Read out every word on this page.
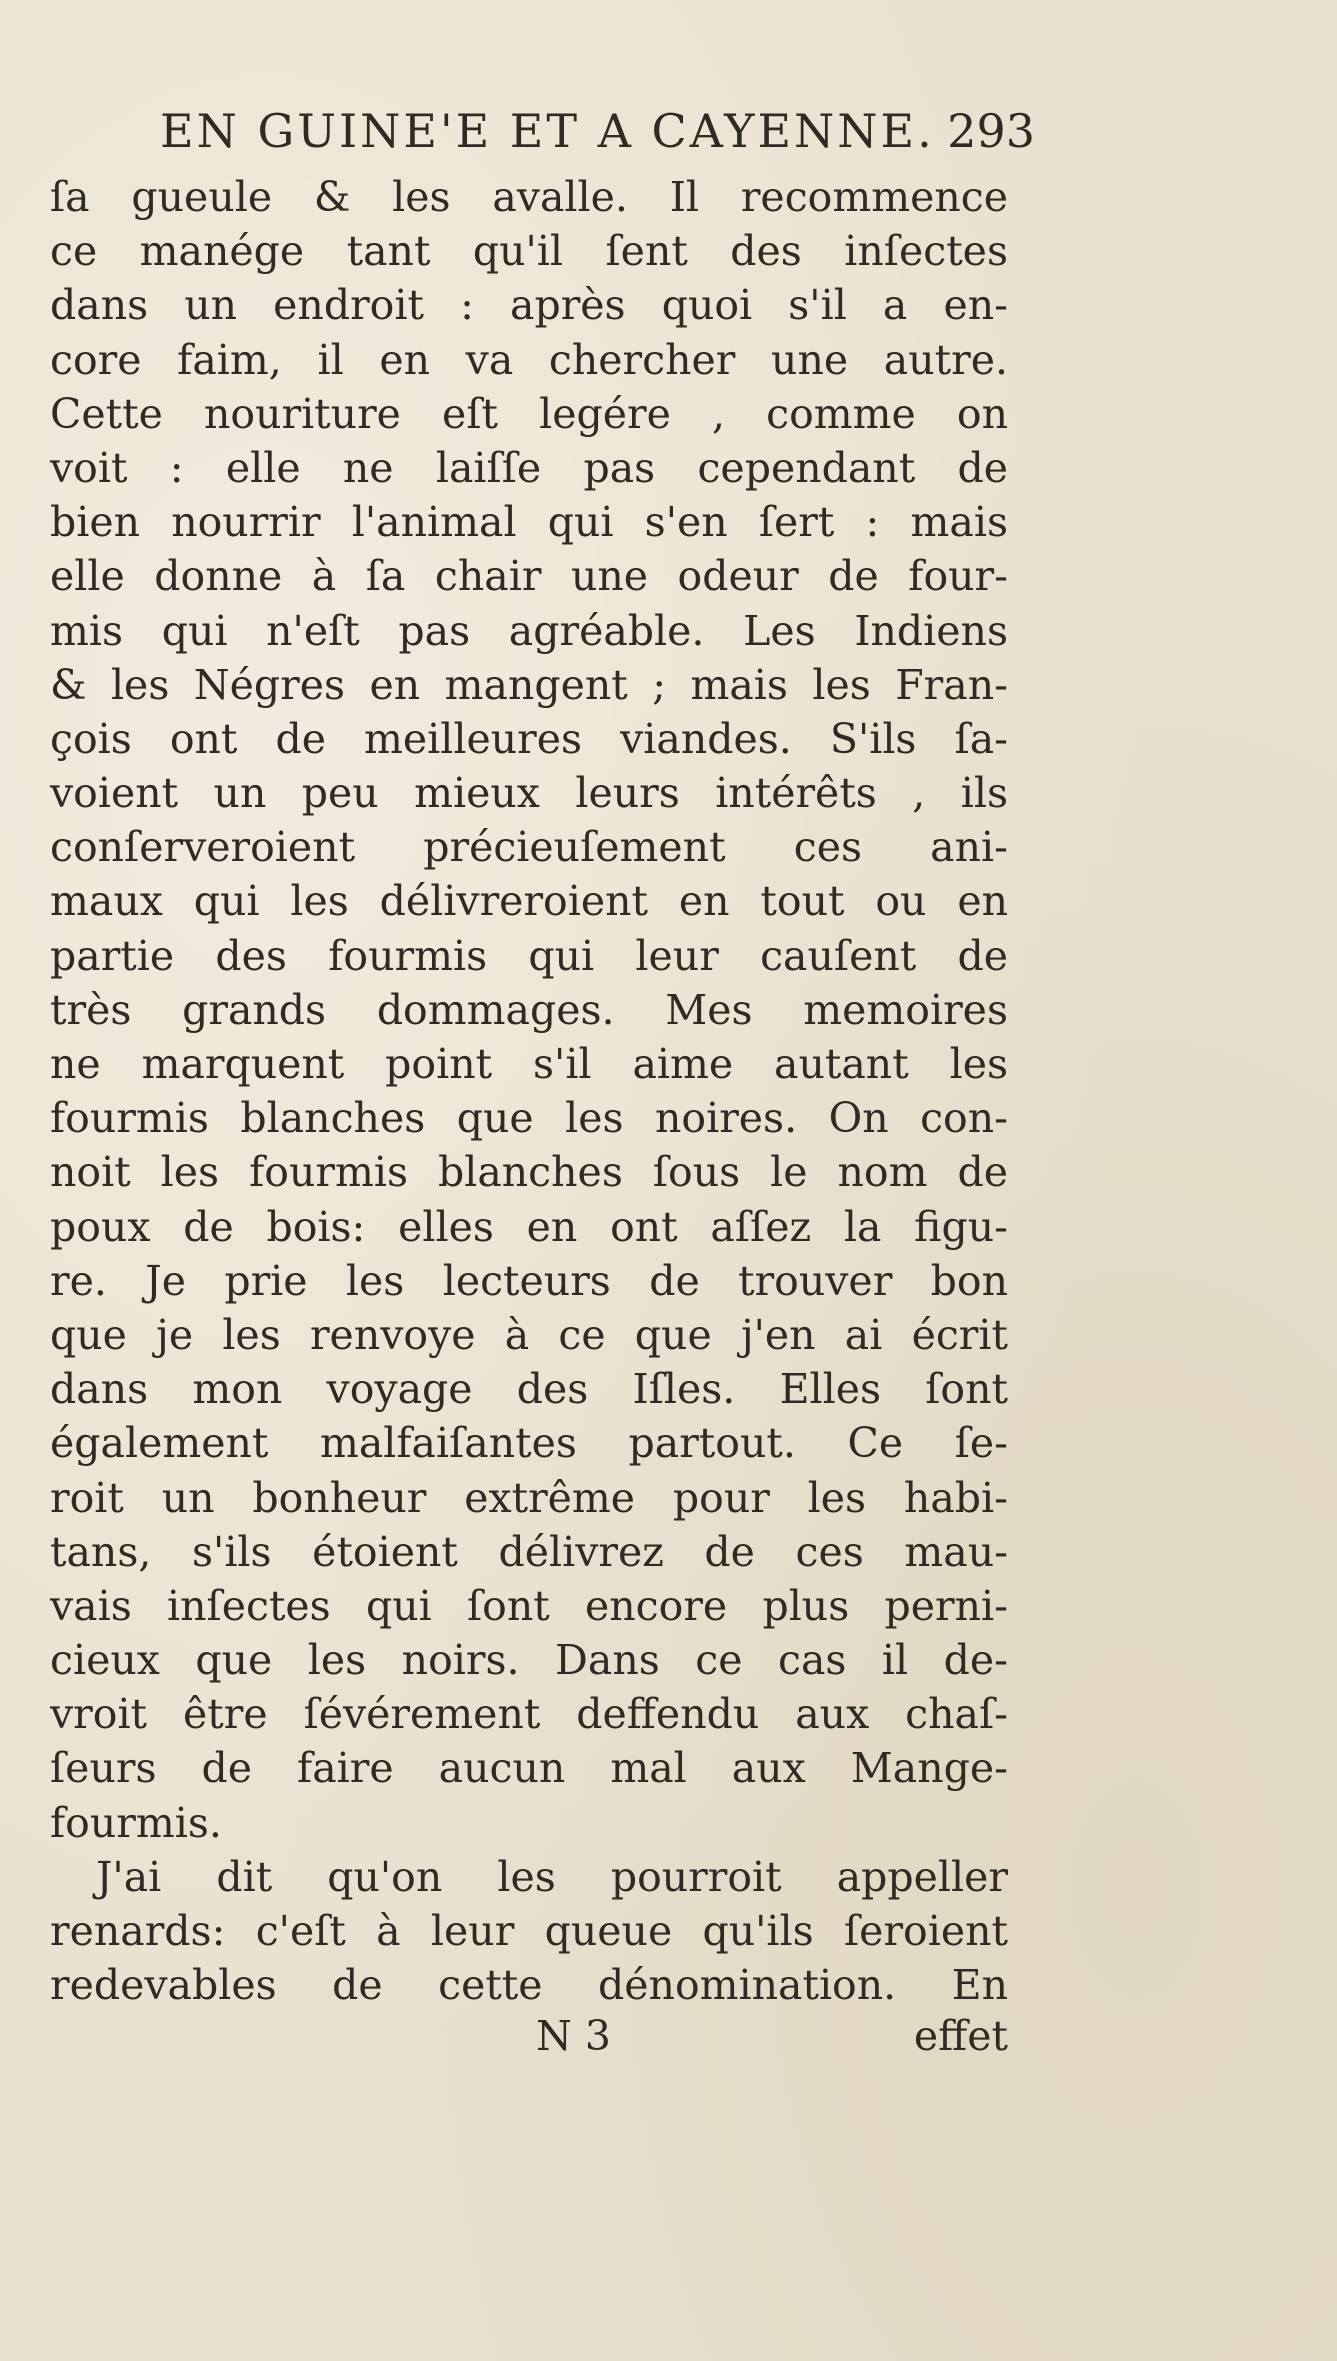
EN GUINE'E ET A CAYENNE. 293
ſa gueule & les avalle. Il recommence
ce manége tant qu'il ſent des inſectes
dans un endroit : après quoi s'il a en-
core faim, il en va chercher une autre.
Cette nouriture eſt legére , comme on
voit : elle ne laiſſe pas cependant de
bien nourrir l'animal qui s'en ſert : mais
elle donne à ſa chair une odeur de four-
mis qui n'eſt pas agréable. Les Indiens
& les Négres en mangent ; mais les Fran-
çois ont de meilleures viandes. S'ils ſa-
voient un peu mieux leurs intérêts , ils
conſerveroient précieuſement ces ani-
maux qui les délivreroient en tout ou en
partie des fourmis qui leur cauſent de
très grands dommages. Mes memoires
ne marquent point s'il aime autant les
fourmis blanches que les noires. On con-
noit les fourmis blanches ſous le nom de
poux de bois: elles en ont aſſez la figu-
re. Je prie les lecteurs de trouver bon
que je les renvoye à ce que j'en ai écrit
dans mon voyage des Iſles. Elles ſont
également malfaiſantes partout. Ce ſe-
roit un bonheur extrême pour les habi-
tans, s'ils étoient délivrez de ces mau-
vais inſectes qui ſont encore plus perni-
cieux que les noirs. Dans ce cas il de-
vroit être ſévérement deffendu aux chaſ-
ſeurs de faire aucun mal aux Mange-
fourmis.
J'ai dit qu'on les pourroit appeller
renards: c'eſt à leur queue qu'ils ſeroient
redevables de cette dénomination. En
N 3	effet
